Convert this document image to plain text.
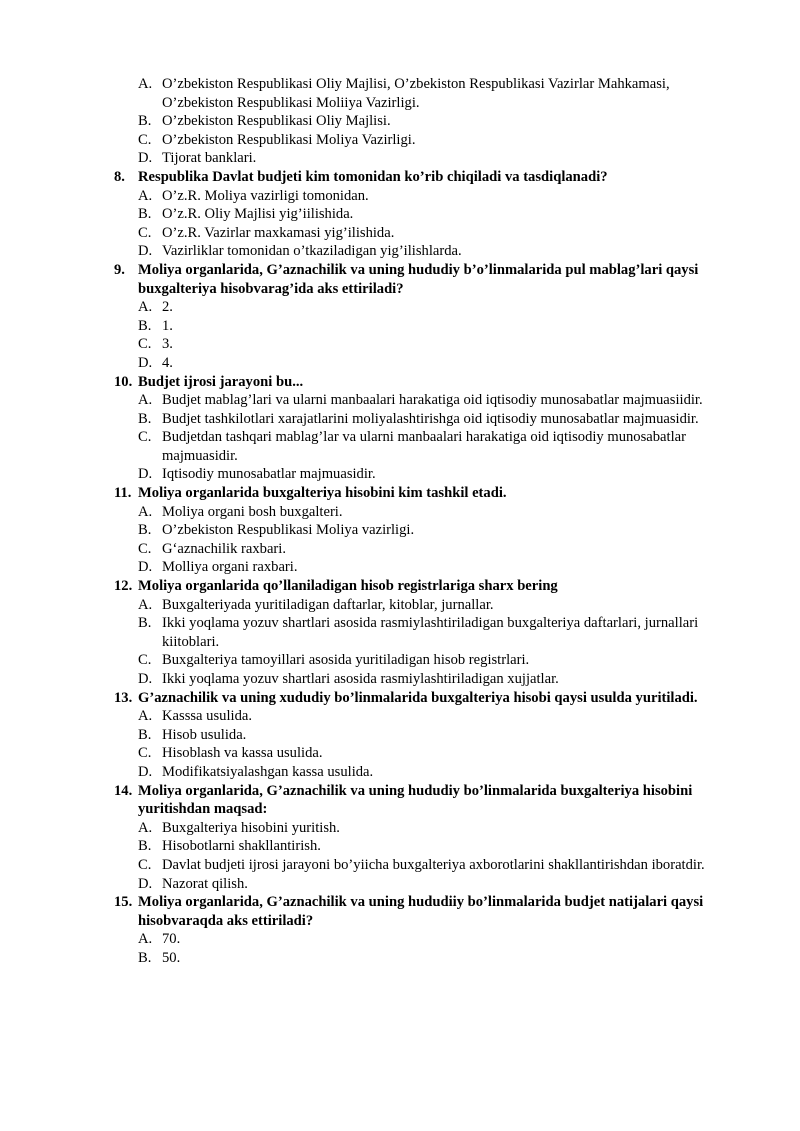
A. O’zbekiston Respublikasi Oliy Majlisi, O’zbekiston Respublikasi Vazirlar Mahkamasi, O’zbekiston Respublikasi Moliiya Vazirligi.
B. O’zbekiston Respublikasi Oliy Majlisi.
C. O’zbekiston Respublikasi Moliya Vazirligi.
D. Tijorat banklari.
8. Respublika Davlat budjeti kim tomonidan ko’rib chiqiladi va tasdiqlanadi?
A. O’z.R. Moliya vazirligi tomonidan.
B. O’z.R. Oliy Majlisi yig’iilishida.
C. O’z.R. Vazirlar maxkamasi yig’ilishida.
D. Vazirliklar tomonidan o’tkaziladigan yig’ilishlarda.
9. Moliya organlarida, G’aznachilik va uning hududiy b’o’linmalarida pul mablag’lari qaysi buxgalteriya hisobvarag’ida aks ettiriladi?
A. 2.
B. 1.
C. 3.
D. 4.
10. Budjet ijrosi jarayoni bu...
A. Budjet mablag’lari va ularni manbaalari harakatiga oid iqtisodiy munosabatlar majmuasiidir.
B. Budjet tashkilotlari xarajatlarini moliyalashtirishga oid iqtisodiy munosabatlar majmuasidir.
C. Budjetdan tashqari mablag’lar va ularni manbaalari harakatiga oid iqtisodiy munosabatlar majmuasidir.
D. Iqtisodiy munosabatlar majmuasidir.
11. Moliya organlarida buxgalteriya hisobini kim tashkil etadi.
A. Moliya organi bosh buxgalteri.
B. O’zbekiston Respublikasi Moliya vazirligi.
C. G‘aznachilik raxbari.
D. Molliya organi raxbari.
12. Moliya organlarida qo’llaniladigan hisob registrlariga sharx bering
A. Buxgalteriyada yuritiladigan daftarlar, kitoblar, jurnallar.
B. Ikki yoqlama yozuv shartlari asosida rasmiylashtiriladigan buxgalteriya daftarlari, jurnallari kiitoblari.
C. Buxgalteriya tamoyillari asosida yuritiladigan hisob registrlari.
D. Ikki yoqlama yozuv shartlari asosida rasmiylashtiriladigan xujjatlar.
13. G’aznachilik va uning xududiy bo’linmalarida buxgalteriya hisobi qaysi usulda yuritiladi.
A. Kasssa usulida.
B. Hisob usulida.
C. Hisoblash va kassa usulida.
D. Modifikatsiyalashgan kassa usulida.
14. Moliya organlarida, G’aznachilik va uning hududiy bo’linmalarida buxgalteriya hisobini yuritishdan maqsad:
A. Buxgalteriya hisobini yuritish.
B. Hisobotlarni shakllantirish.
C. Davlat budjeti ijrosi jarayoni bo’yiicha buxgalteriya axborotlarini shakllantirishdan iboratdir.
D. Nazorat qilish.
15. Moliya organlarida, G’aznachilik va uning hududiiy bo’linmalarida budjet natijalari qaysi hisobvaraqda aks ettiriladi?
A. 70.
B. 50.
